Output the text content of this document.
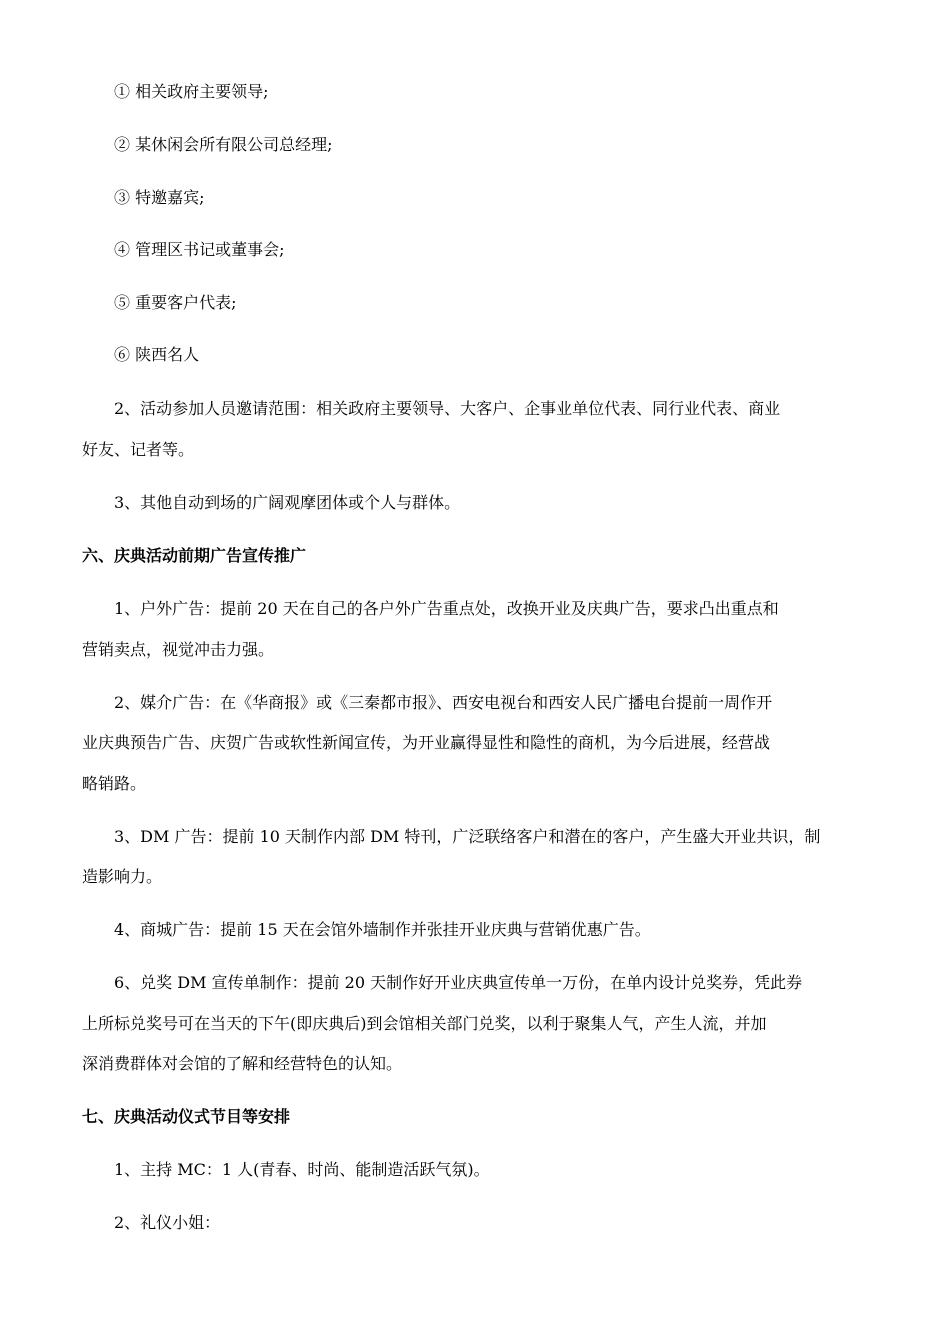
① 相关政府主要领导;

② 某休闲会所有限公司总经理;

③ 特邀嘉宾;

④ 管理区书记或董事会;

⑤ 重要客户代表;

⑥ 陕西名人

2、活动参加人员邀请范围：相关政府主要领导、大客户、企事业单位代表、同行业代表、商业

好友、记者等。

3、其他自动到场的广阔观摩团体或个人与群体。

六、庆典活动前期广告宣传推广

1、户外广告：提前 20 天在自己的各户外广告重点处，改换开业及庆典广告，要求凸出重点和

营销卖点，视觉冲击力强。

2、媒介广告：在《华商报》或《三秦都市报》、西安电视台和西安人民广播电台提前一周作开

业庆典预告广告、庆贺广告或软性新闻宣传，为开业赢得显性和隐性的商机，为今后进展，经营战

略销路。

3、DM 广告：提前 10 天制作内部 DM 特刊，广泛联络客户和潜在的客户，产生盛大开业共识，制

造影响力。

4、商城广告：提前 15 天在会馆外墙制作并张挂开业庆典与营销优惠广告。

6、兑奖 DM 宣传单制作：提前 20 天制作好开业庆典宣传单一万份，在单内设计兑奖券，凭此券

上所标兑奖号可在当天的下午(即庆典后)到会馆相关部门兑奖，以利于聚集人气，产生人流，并加

深消费群体对会馆的了解和经营特色的认知。

七、庆典活动仪式节目等安排

1、主持 MC：1 人(青春、时尚、能制造活跃气氛)。

2、礼仪小姐：
